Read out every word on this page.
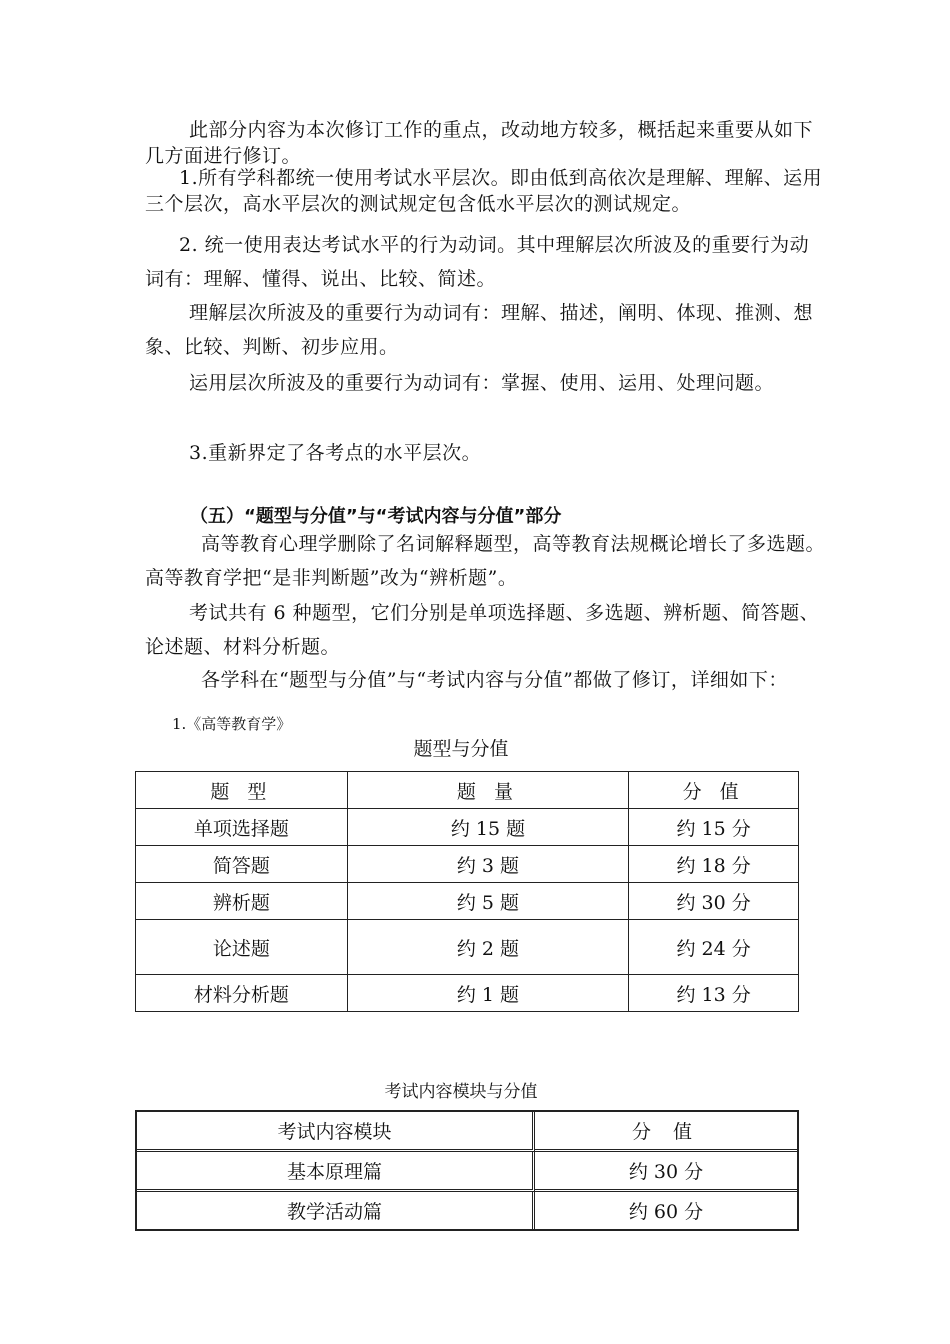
此部分内容为本次修订工作的重点，改动地方较多，概括起来重要从如下几方面进行修订。

1.所有学科都统一使用考试水平层次。即由低到高依次是理解、理解、运用三个层次，高水平层次的测试规定包含低水平层次的测试规定。

2. 统一使用表达考试水平的行为动词。其中理解层次所波及的重要行为动词有：理解、懂得、说出、比较、简述。

理解层次所波及的重要行为动词有：理解、描述，阐明、体现、推测、想象、比较、判断、初步应用。

运用层次所波及的重要行为动词有：掌握、使用、运用、处理问题。

3.重新界定了各考点的水平层次。

（五）“题型与分值”与“考试内容与分值”部分

高等教育心理学删除了名词解释题型，高等教育法规概论增长了多选题。高等教育学把“是非判断题”改为“辨析题”。

考试共有 6 种题型，它们分别是单项选择题、多选题、辨析题、简答题、论述题、材料分析题。

各学科在“题型与分值”与“考试内容与分值”都做了修订，详细如下：

1.《高等教育学》

题型与分值

题 型	题 量	分 值
单项选择题	约 15 题	约 15 分
简答题	约 3 题	约 18 分
辨析题	约 5 题	约 30 分
论述题	约 2 题	约 24 分
材料分析题	约 1 题	约 13 分

考试内容模块与分值

考试内容模块	分 值
基本原理篇	约 30 分
教学活动篇	约 60 分
